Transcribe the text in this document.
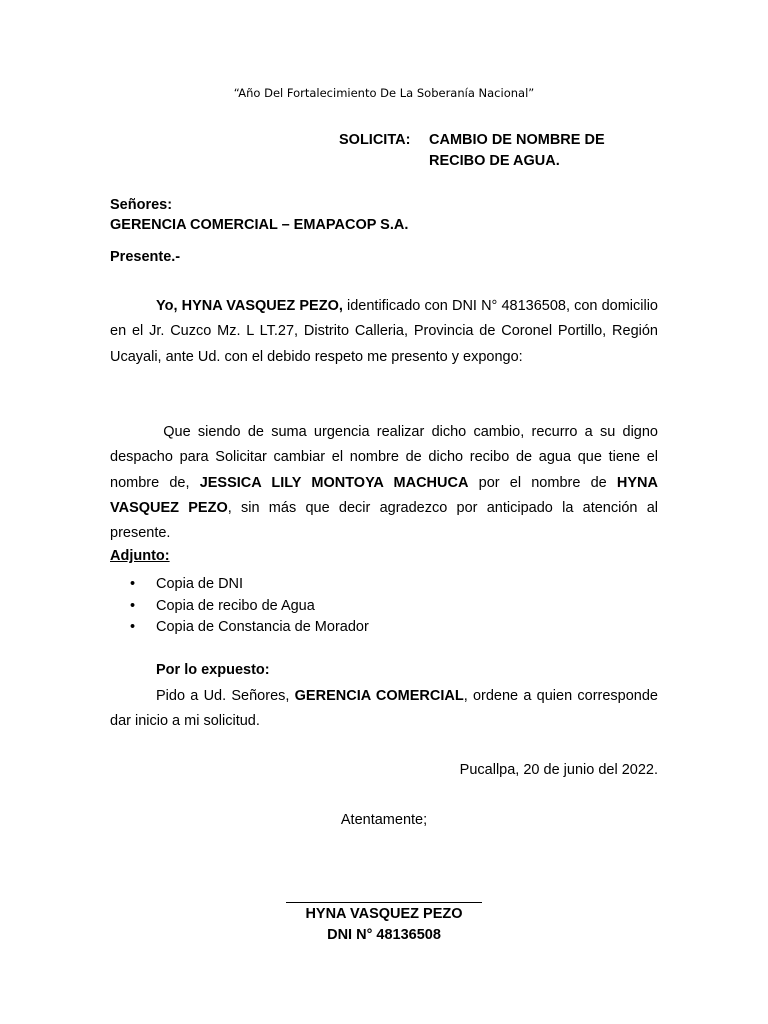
“Año Del Fortalecimiento De La Soberanía Nacional”
SOLICITA:	CAMBIO DE NOMBRE DE
RECIBO DE AGUA.
Señores:
GERENCIA COMERCIAL – EMAPACOP S.A.
Presente.-
Yo, HYNA VASQUEZ PEZO, identificado con DNI N° 48136508, con domicilio en el Jr. Cuzco Mz. L LT.27, Distrito Calleria, Provincia de Coronel Portillo, Región Ucayali, ante Ud. con el debido respeto me presento y expongo:
Que siendo de suma urgencia realizar dicho cambio, recurro a su digno despacho para Solicitar cambiar el nombre de dicho recibo de agua que tiene el nombre de, JESSICA LILY MONTOYA MACHUCA por el nombre de HYNA VASQUEZ PEZO, sin más que decir agradezco por anticipado la atención al presente.
Adjunto:
•	Copia de DNI
•	Copia de recibo de Agua
•	Copia de Constancia de Morador
Por lo expuesto:
Pido a Ud. Señores, GERENCIA COMERCIAL, ordene a quien corresponde dar inicio a mi solicitud.
Pucallpa, 20 de junio del 2022.
Atentamente;
HYNA VASQUEZ PEZO
DNI N° 48136508
